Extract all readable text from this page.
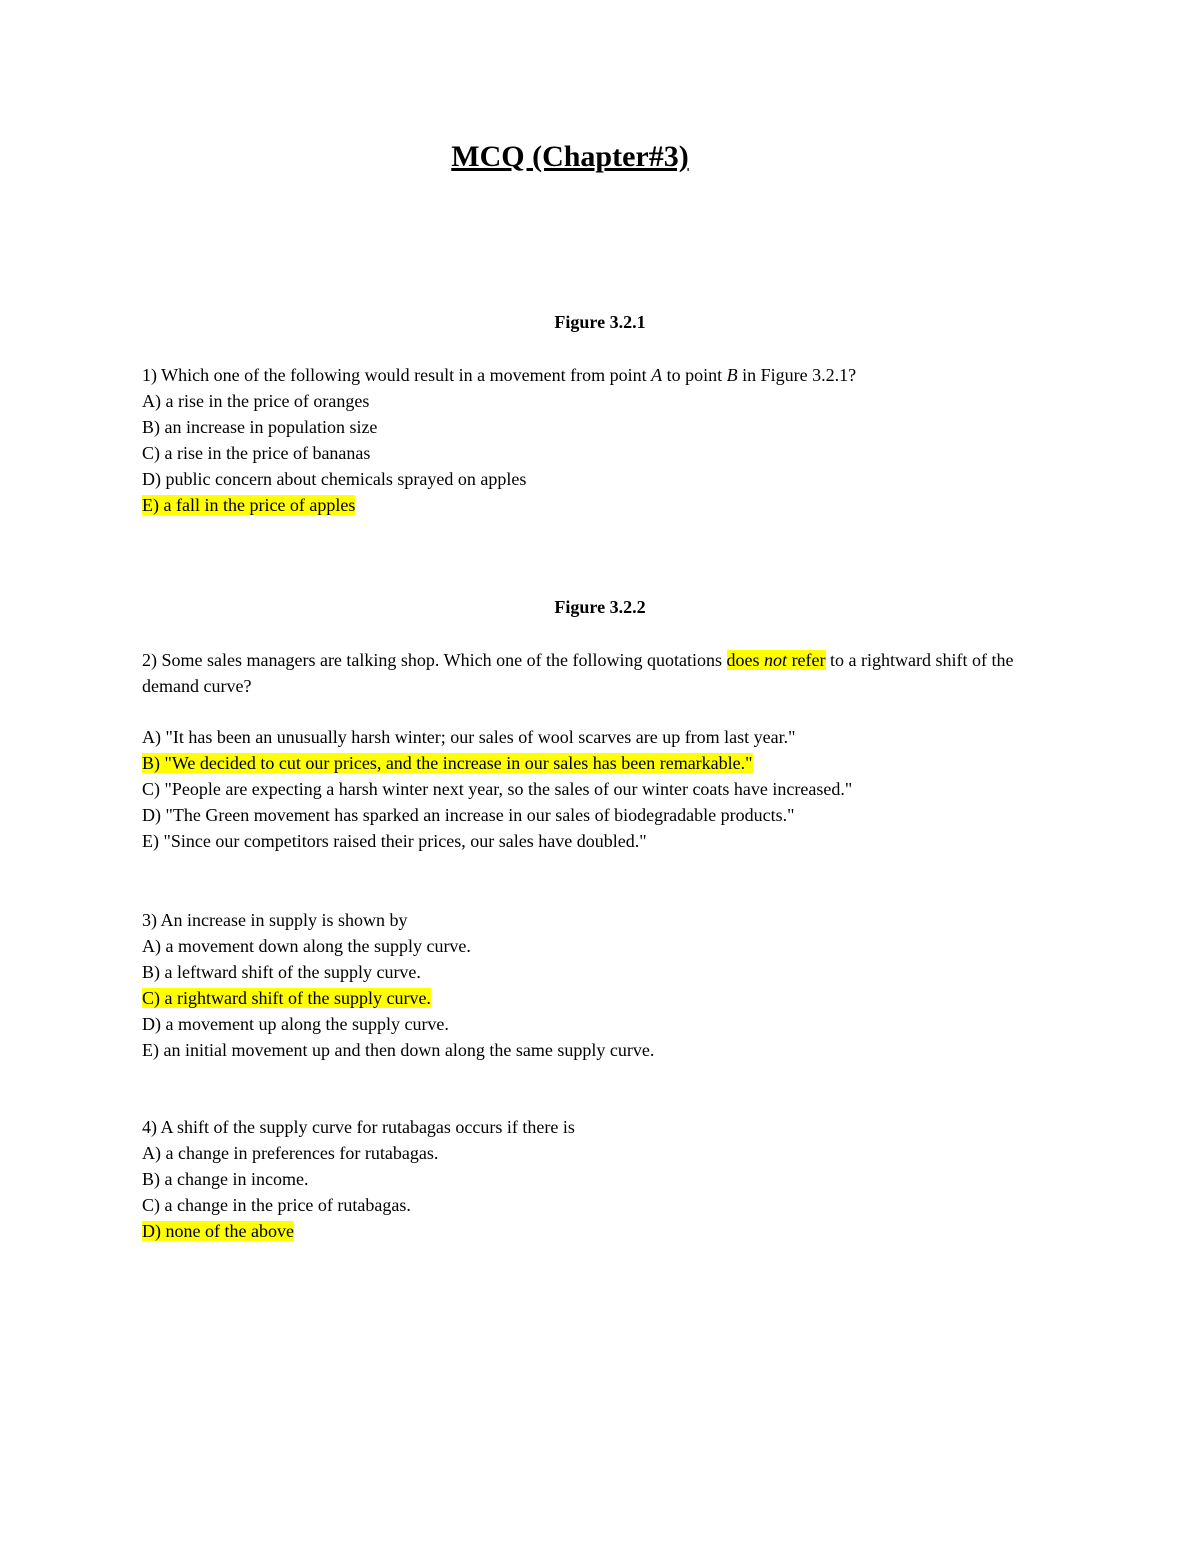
MCQ (Chapter#3)
Figure 3.2.1
1) Which one of the following would result in a movement from point A to point B in Figure 3.2.1?
A) a rise in the price of oranges
B) an increase in population size
C) a rise in the price of bananas
D) public concern about chemicals sprayed on apples
E) a fall in the price of apples
Figure 3.2.2
2) Some sales managers are talking shop. Which one of the following quotations does not refer to a rightward shift of the demand curve?
A) "It has been an unusually harsh winter; our sales of wool scarves are up from last year."
B) "We decided to cut our prices, and the increase in our sales has been remarkable."
C) "People are expecting a harsh winter next year, so the sales of our winter coats have increased."
D) "The Green movement has sparked an increase in our sales of biodegradable products."
E) "Since our competitors raised their prices, our sales have doubled."
3) An increase in supply is shown by
A) a movement down along the supply curve.
B) a leftward shift of the supply curve.
C) a rightward shift of the supply curve.
D) a movement up along the supply curve.
E) an initial movement up and then down along the same supply curve.
4) A shift of the supply curve for rutabagas occurs if there is
A) a change in preferences for rutabagas.
B) a change in income.
C) a change in the price of rutabagas.
D) none of the above
